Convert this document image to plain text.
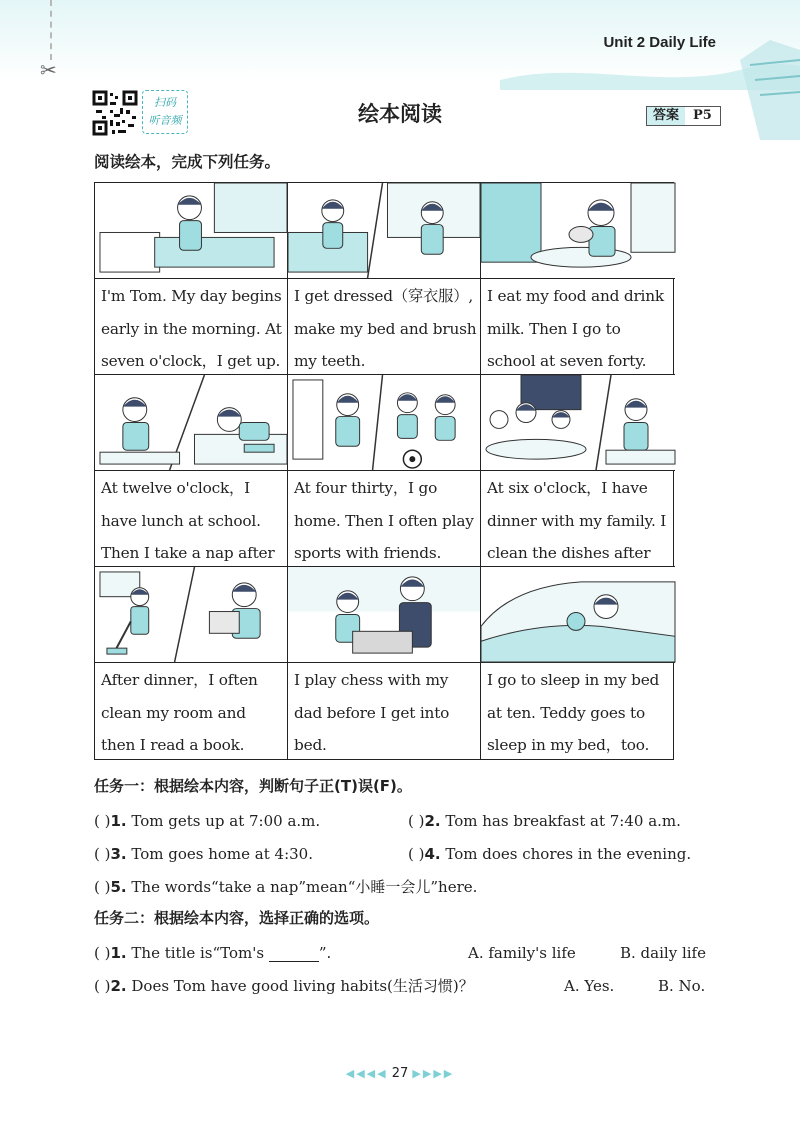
Unit 2 Daily Life
✂
扫码
听音频	绘本阅读	答案	P5
阅读绘本，完成下列任务。
I'm Tom. My day begins early in the morning. At seven o'clock，I get up.
I get dressed（穿衣服）, make my bed and brush my teeth.
I eat my food and drink milk. Then I go to school at seven forty.
At twelve o'clock，I have lunch at school. Then I take a nap after
At four thirty，I go home. Then I often play sports with friends.
At six o'clock，I have dinner with my family. I clean the dishes after
After dinner，I often clean my room and then I read a book.
I play chess with my dad before I get into bed.
I go to sleep in my bed at ten. Teddy goes to sleep in my bed，too.
任务一：根据绘本内容，判断句子正(T)误(F)。
( )1. Tom gets up at 7:00 a.m.	( )2. Tom has breakfast at 7:40 a.m.
( )3. Tom goes home at 4:30.	( )4. Tom does chores in the evening.
( )5. The words“take a nap”mean“小睡一会儿”here.
任务二：根据绘本内容，选择正确的选项。
( )1. The title is“Tom's	”.	A. family's life	B. daily life
( )2. Does Tom have good living habits(生活习惯)？	A. Yes.	B. No.
◀◀◀◀ 27 ▶▶▶▶
